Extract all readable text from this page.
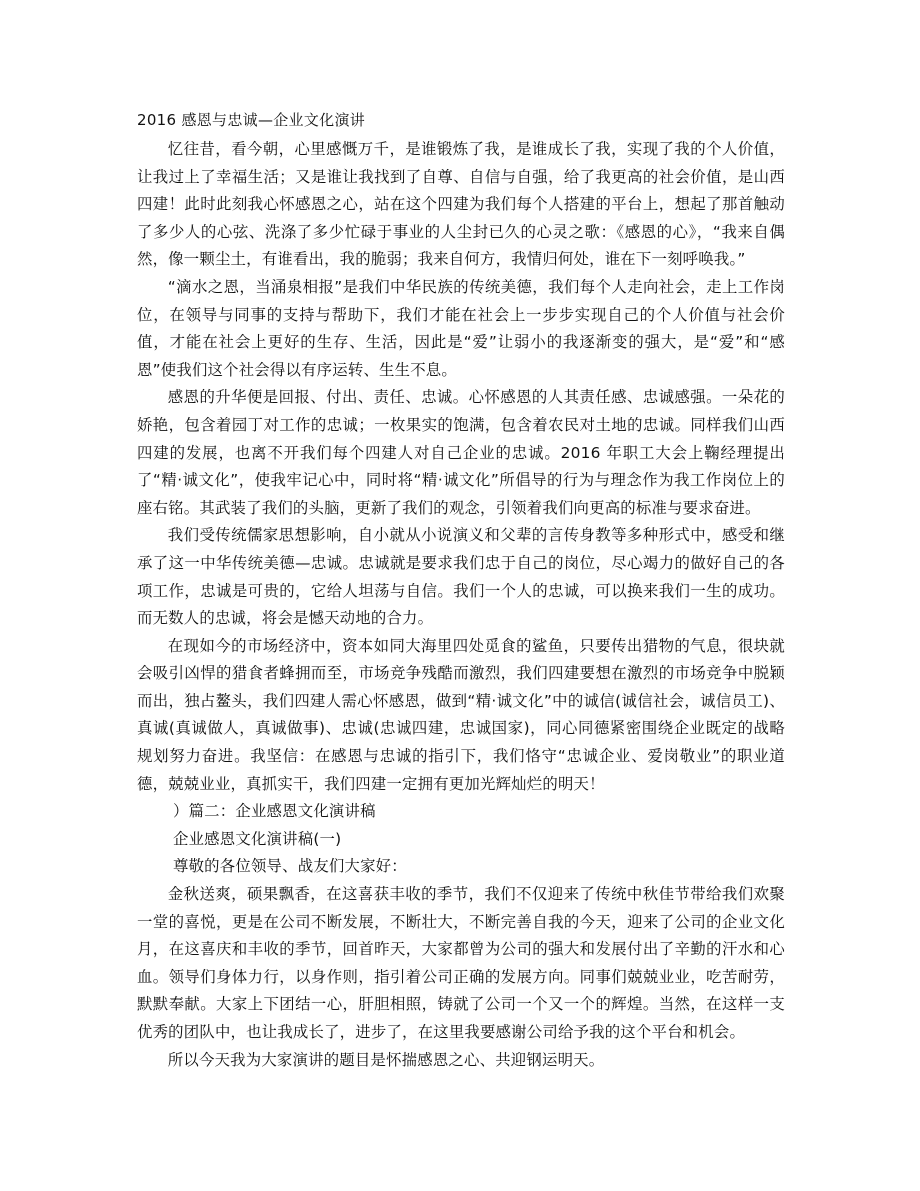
2016 感恩与忠诚—企业文化演讲

忆往昔，看今朝，心里感慨万千，是谁锻炼了我，是谁成长了我，实现了我的个人价值，让我过上了幸福生活；又是谁让我找到了自尊、自信与自强，给了我更高的社会价值，是山西四建！此时此刻我心怀感恩之心，站在这个四建为我们每个人搭建的平台上，想起了那首触动了多少人的心弦、洗涤了多少忙碌于事业的人尘封已久的心灵之歌：《感恩的心》，“我来自偶然，像一颗尘土，有谁看出，我的脆弱；我来自何方，我情归何处，谁在下一刻呼唤我。”

“滴水之恩，当涌泉相报”是我们中华民族的传统美德，我们每个人走向社会，走上工作岗位，在领导与同事的支持与帮助下，我们才能在社会上一步步实现自己的个人价值与社会价值，才能在社会上更好的生存、生活，因此是“爱”让弱小的我逐渐变的强大，是“爱”和“感恩”使我们这个社会得以有序运转、生生不息。

感恩的升华便是回报、付出、责任、忠诚。心怀感恩的人其责任感、忠诚感强。一朵花的娇艳，包含着园丁对工作的忠诚；一枚果实的饱满，包含着农民对土地的忠诚。同样我们山西四建的发展，也离不开我们每个四建人对自己企业的忠诚。2016 年职工大会上鞠经理提出了“精·诚文化”，使我牢记心中，同时将“精·诚文化”所倡导的行为与理念作为我工作岗位上的座右铭。其武装了我们的头脑，更新了我们的观念，引领着我们向更高的标准与要求奋进。

我们受传统儒家思想影响，自小就从小说演义和父辈的言传身教等多种形式中，感受和继承了这一中华传统美德—忠诚。忠诚就是要求我们忠于自己的岗位，尽心竭力的做好自己的各项工作，忠诚是可贵的，它给人坦荡与自信。我们一个人的忠诚，可以换来我们一生的成功。而无数人的忠诚，将会是憾天动地的合力。

在现如今的市场经济中，资本如同大海里四处觅食的鲨鱼，只要传出猎物的气息，很块就会吸引凶悍的猎食者蜂拥而至，市场竞争残酷而激烈，我们四建要想在激烈的市场竞争中脱颖而出，独占鳌头，我们四建人需心怀感恩，做到“精·诚文化”中的诚信(诚信社会，诚信员工)、真诚(真诚做人，真诚做事)、忠诚(忠诚四建，忠诚国家)，同心同德紧密围绕企业既定的战略规划努力奋进。我坚信：在感恩与忠诚的指引下，我们恪守“忠诚企业、爱岗敬业”的职业道德，兢兢业业，真抓实干，我们四建一定拥有更加光辉灿烂的明天！

）篇二：企业感恩文化演讲稿

企业感恩文化演讲稿(一)

尊敬的各位领导、战友们大家好：

金秋送爽，硕果飘香，在这喜获丰收的季节，我们不仅迎来了传统中秋佳节带给我们欢聚一堂的喜悦，更是在公司不断发展，不断壮大，不断完善自我的今天，迎来了公司的企业文化月，在这喜庆和丰收的季节，回首昨天，大家都曾为公司的强大和发展付出了辛勤的汗水和心血。领导们身体力行，以身作则，指引着公司正确的发展方向。同事们兢兢业业，吃苦耐劳，默默奉献。大家上下团结一心，肝胆相照，铸就了公司一个又一个的辉煌。当然，在这样一支优秀的团队中，也让我成长了，进步了，在这里我要感谢公司给予我的这个平台和机会。

所以今天我为大家演讲的题目是怀揣感恩之心、共迎钢运明天。
